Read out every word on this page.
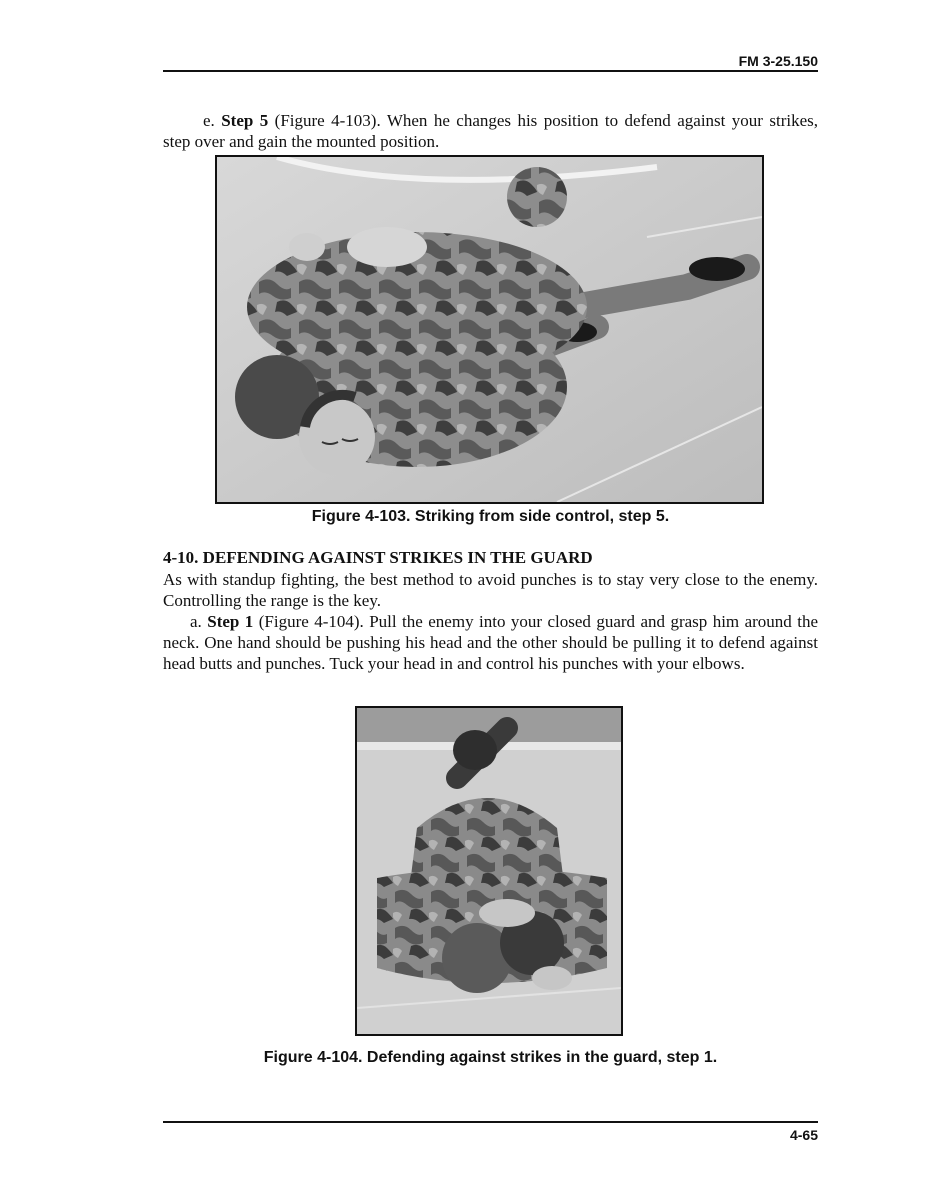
FM 3-25.150
e. Step 5 (Figure 4-103). When he changes his position to defend against your strikes, step over and gain the mounted position.
Figure 4-103. Striking from side control, step 5.
4-10. DEFENDING AGAINST STRIKES IN THE GUARD
As with standup fighting, the best method to avoid punches is to stay very close to the enemy. Controlling the range is the key.
a. Step 1 (Figure 4-104). Pull the enemy into your closed guard and grasp him around the neck. One hand should be pushing his head and the other should be pulling it to defend against head butts and punches. Tuck your head in and control his punches with your elbows.
Figure 4-104. Defending against strikes in the guard, step 1.
4-65
